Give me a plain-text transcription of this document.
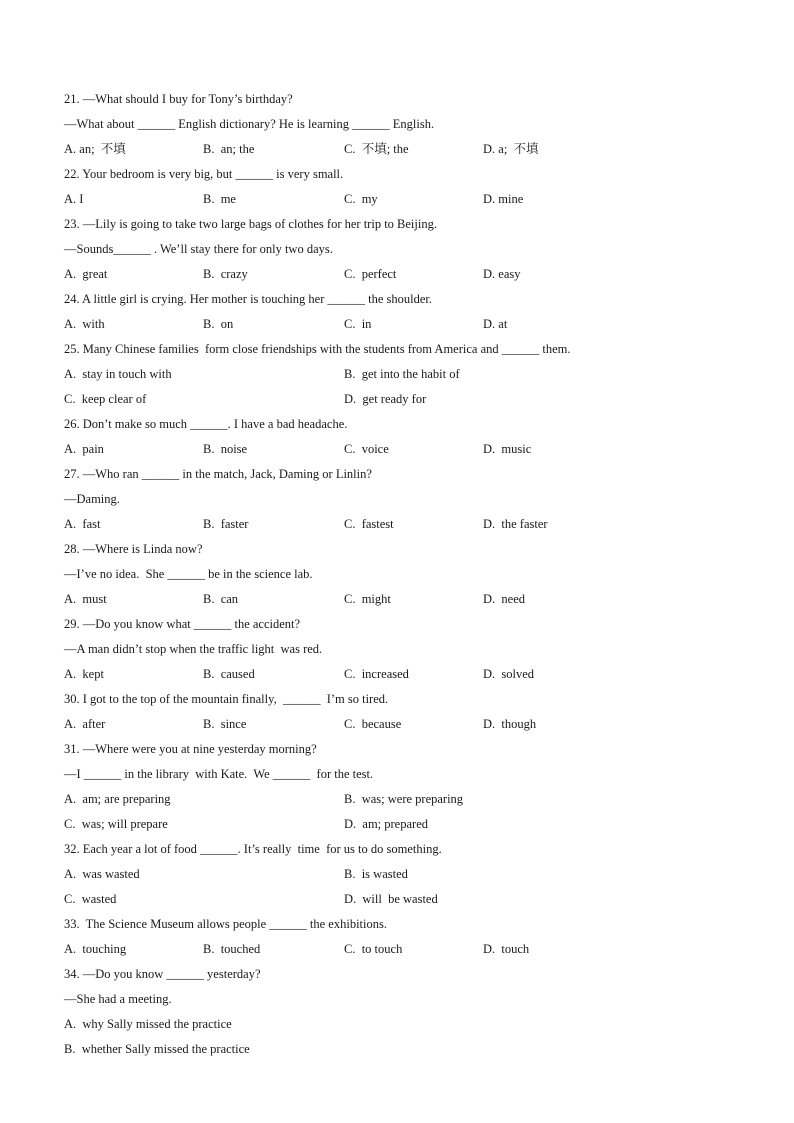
21. —What should I buy for Tony’s birthday?
—What about ______ English dictionary? He is learning ______ English.
A. an;  不填	B.  an; the	C.  不填; the	D. a;  不填
22. Your bedroom is very big, but ______ is very small.
A. I	B.  me	C.  my	D. mine
23. —Lily is going to take two large bags of clothes for her trip to Beijing.
—Sounds______ . We’ll stay there for only two days.
A.  great	B.  crazy	C.  perfect	D. easy
24. A little girl is crying. Her mother is touching her ______ the shoulder.
A.  with	B.  on	C.  in	D. at
25. Many Chinese families  form close friendships with the students from America and ______ them.
A.  stay in touch with	B.  get into the habit of
C.  keep clear of	D.  get ready for
26. Don’t make so much ______. I have a bad headache.
A.  pain	B.  noise	C.  voice	D.  music
27. —Who ran ______ in the match, Jack, Daming or Linlin?
—Daming.
A.  fast	B.  faster	C.  fastest	D.  the faster
28. —Where is Linda now?
—I’ve no idea.  She ______ be in the science lab.
A.  must	B.  can	C.  might	D.  need
29. —Do you know what ______ the accident?
—A man didn’t stop when the traffic light  was red.
A.  kept	B.  caused	C.  increased	D.  solved
30. I got to the top of the mountain finally,  ______  I’m so tired.
A.  after	B.  since	C.  because	D.  though
31. —Where were you at nine yesterday morning?
—I ______ in the library  with Kate.  We ______  for the test.
A.  am; are preparing	B.  was; were preparing
C.  was; will prepare	D.  am; prepared
32. Each year a lot of food ______. It’s really  time  for us to do something.
A.  was wasted	B.  is wasted
C.  wasted	D.  will  be wasted
33.  The Science Museum allows people ______ the exhibitions.
A.  touching	B.  touched	C.  to touch	D.  touch
34. —Do you know ______ yesterday?
—She had a meeting.
A.  why Sally missed the practice
B.  whether Sally missed the practice
